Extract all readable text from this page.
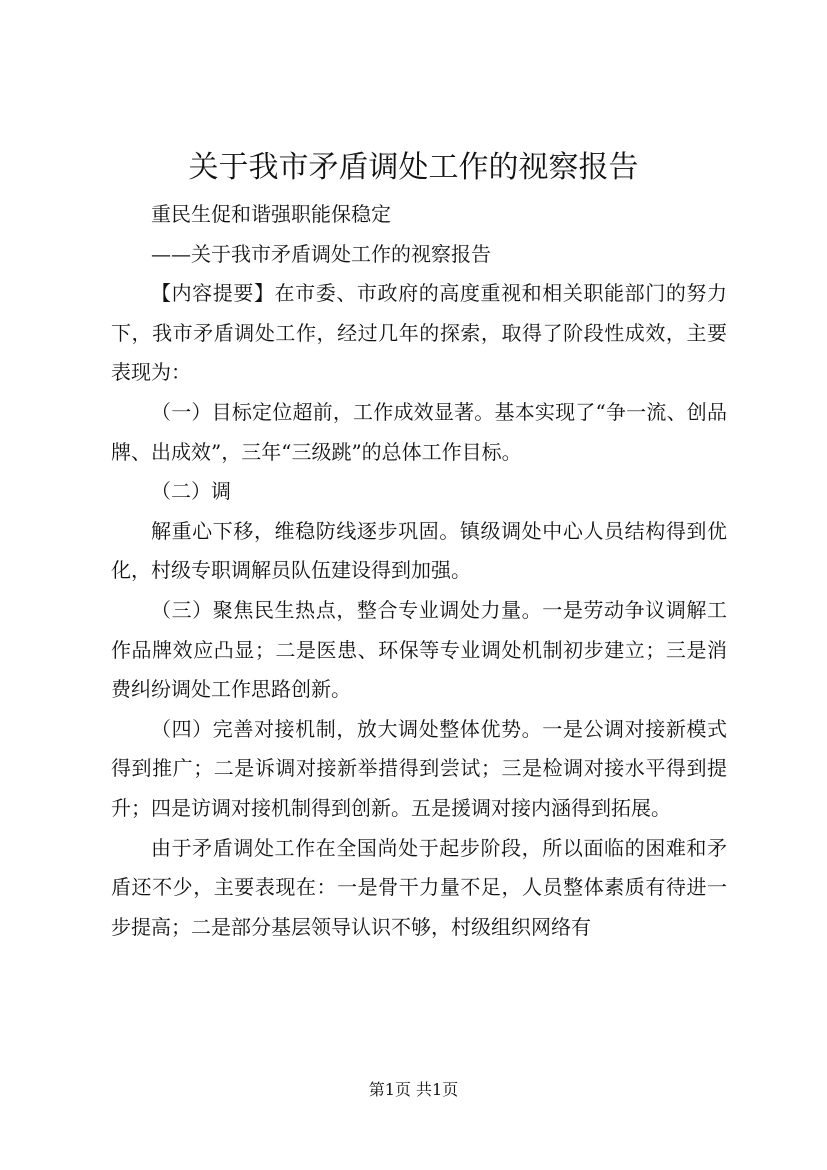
关于我市矛盾调处工作的视察报告

重民生促和谐强职能保稳定

——关于我市矛盾调处工作的视察报告

【内容提要】在市委、市政府的高度重视和相关职能部门的努力下，我市矛盾调处工作，经过几年的探索，取得了阶段性成效，主要表现为：

（一）目标定位超前，工作成效显著。基本实现了“争一流、创品牌、出成效”，三年“三级跳”的总体工作目标。

（二）调

解重心下移，维稳防线逐步巩固。镇级调处中心人员结构得到优化，村级专职调解员队伍建设得到加强。

（三）聚焦民生热点，整合专业调处力量。一是劳动争议调解工作品牌效应凸显；二是医患、环保等专业调处机制初步建立；三是消费纠纷调处工作思路创新。

（四）完善对接机制，放大调处整体优势。一是公调对接新模式得到推广；二是诉调对接新举措得到尝试；三是检调对接水平得到提升；四是访调对接机制得到创新。五是援调对接内涵得到拓展。

由于矛盾调处工作在全国尚处于起步阶段，所以面临的困难和矛盾还不少，主要表现在：一是骨干力量不足，人员整体素质有待进一步提高；二是部分基层领导认识不够，村级组织网络有

第1页 共1页
